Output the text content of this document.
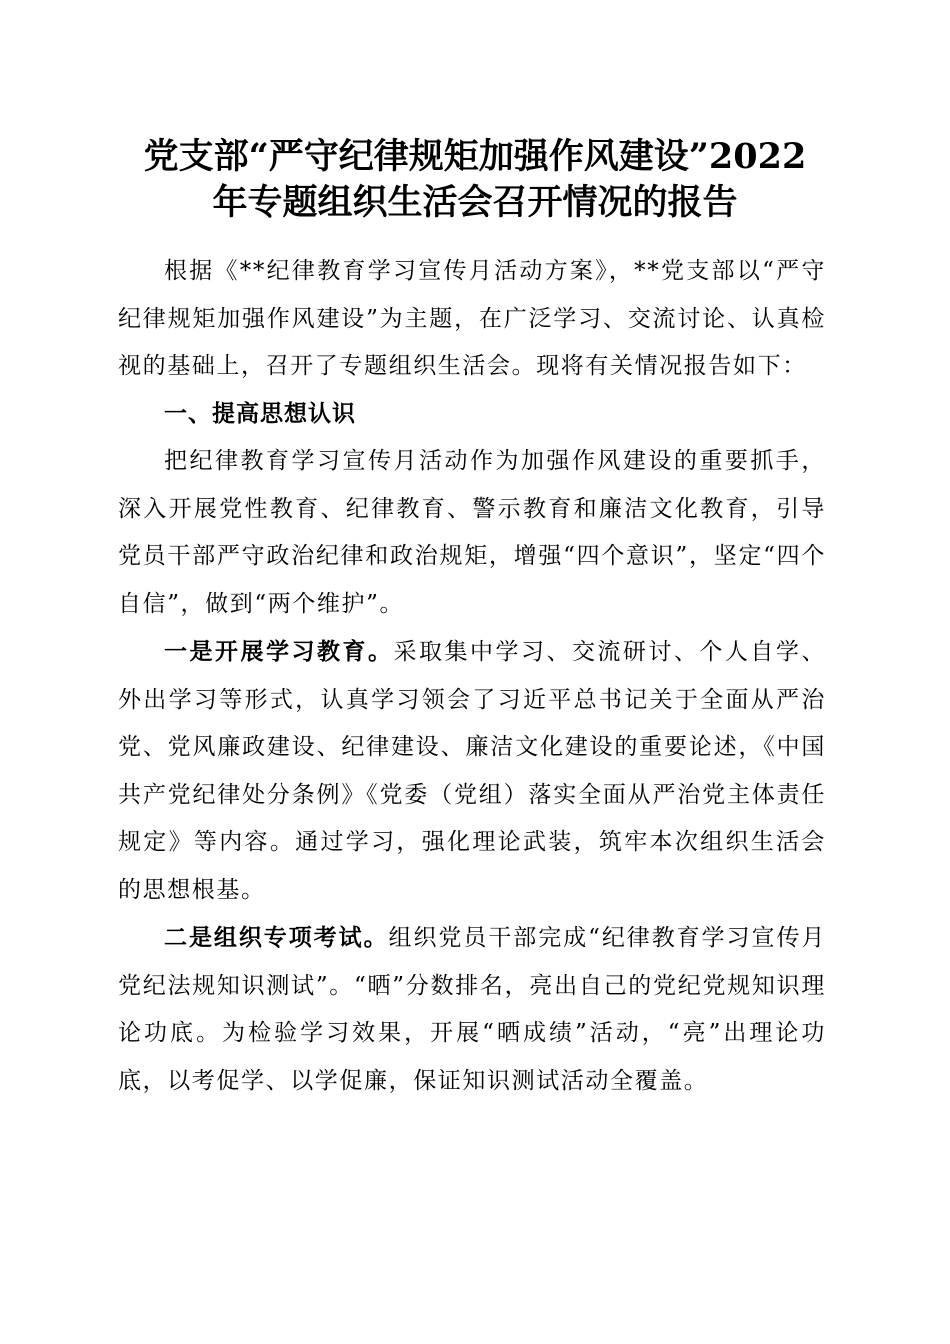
党支部“严守纪律规矩加强作风建设”2022
年专题组织生活会召开情况的报告

根据《**纪律教育学习宣传月活动方案》，**党支部以“严守纪律规矩加强作风建设”为主题，在广泛学习、交流讨论、认真检视的基础上，召开了专题组织生活会。现将有关情况报告如下：

一、提高思想认识

把纪律教育学习宣传月活动作为加强作风建设的重要抓手，深入开展党性教育、纪律教育、警示教育和廉洁文化教育，引导党员干部严守政治纪律和政治规矩，增强“四个意识”，坚定“四个自信”，做到“两个维护”。

一是开展学习教育。采取集中学习、交流研讨、个人自学、外出学习等形式，认真学习领会了习近平总书记关于全面从严治党、党风廉政建设、纪律建设、廉洁文化建设的重要论述，《中国共产党纪律处分条例》《党委（党组）落实全面从严治党主体责任规定》等内容。通过学习，强化理论武装，筑牢本次组织生活会的思想根基。

二是组织专项考试。组织党员干部完成“纪律教育学习宣传月党纪法规知识测试”。“晒”分数排名，亮出自己的党纪党规知识理论功底。为检验学习效果，开展“晒成绩”活动，“亮”出理论功底，以考促学、以学促廉，保证知识测试活动全覆盖。
